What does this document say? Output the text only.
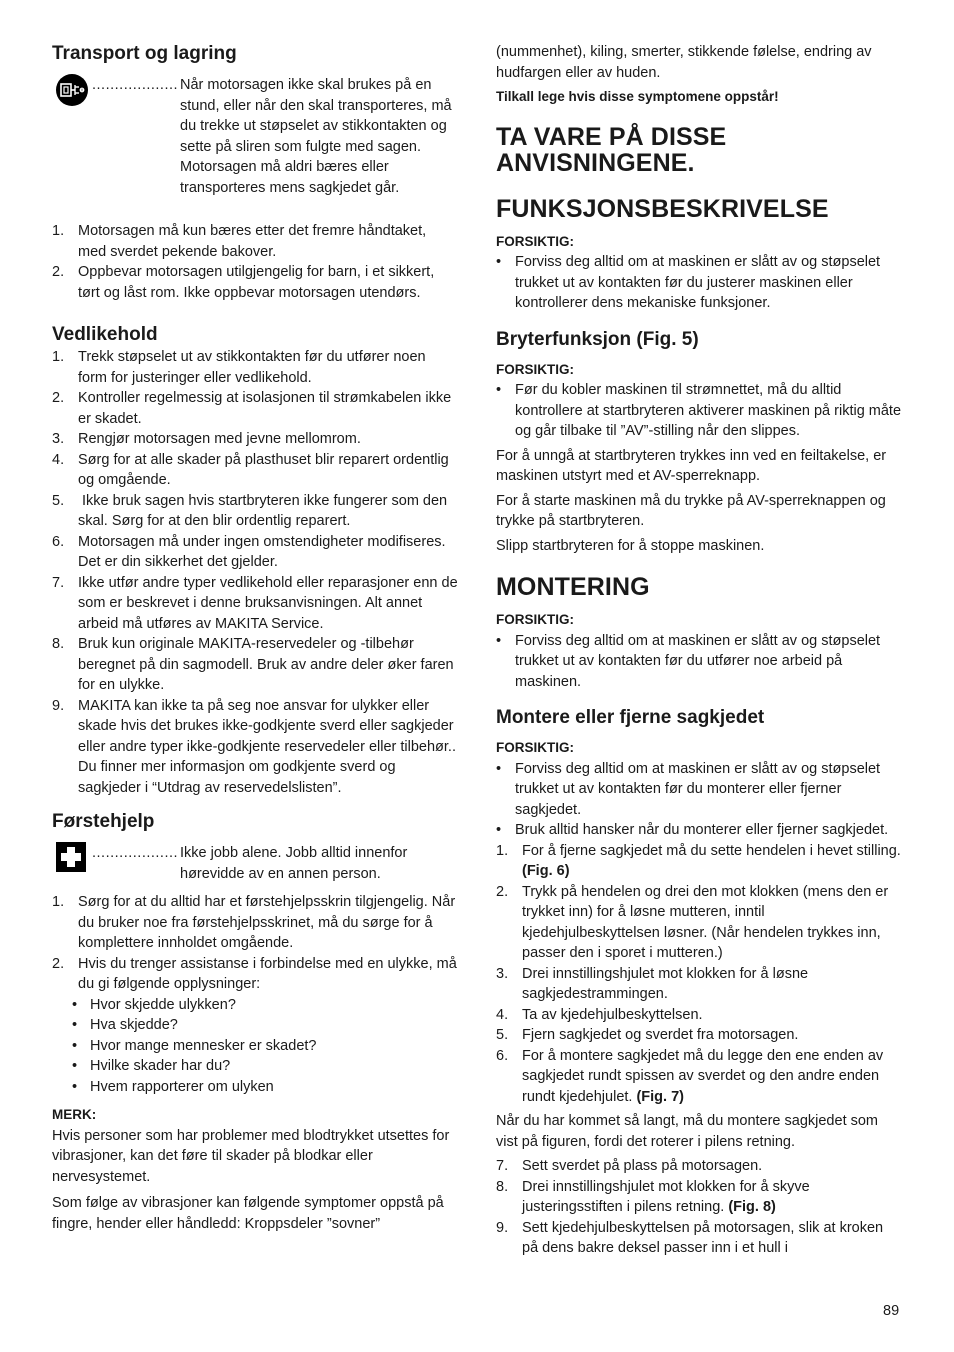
Transport og lagring
................... Når motorsagen ikke skal brukes på en stund, eller når den skal transporteres, må du trekke ut støpselet av stikkontakten og sette på sliren som fulgte med sagen. Motorsagen må aldri bæres eller transporteres mens sagkjedet går.
1. Motorsagen må kun bæres etter det fremre håndtaket, med sverdet pekende bakover.
2. Oppbevar motorsagen utilgjengelig for barn, i et sikkert, tørt og låst rom. Ikke oppbevar motorsagen utendørs.
Vedlikehold
1. Trekk støpselet ut av stikkontakten før du utfører noen form for justeringer eller vedlikehold.
2. Kontroller regelmessig at isolasjonen til strømkabelen ikke er skadet.
3. Rengjør motorsagen med jevne mellomrom.
4. Sørg for at alle skader på plasthuset blir reparert ordentlig og omgående.
5. Ikke bruk sagen hvis startbryteren ikke fungerer som den skal. Sørg for at den blir ordentlig reparert.
6. Motorsagen må under ingen omstendigheter modifiseres.  Det er din sikkerhet det gjelder.
7. Ikke utfør andre typer vedlikehold eller reparasjoner enn de som er beskrevet i denne bruksanvisningen. Alt annet arbeid må utføres av MAKITA Service.
8. Bruk kun originale MAKITA-reservedeler og -tilbehør beregnet på din sagmodell. Bruk av andre deler øker faren for en ulykke.
9. MAKITA kan ikke ta på seg noe ansvar for ulykker eller skade hvis det brukes ikke-godkjente sverd eller sagkjeder eller andre typer ikke-godkjente reservedeler eller tilbehør.. Du finner mer informasjon om godkjente sverd og sagkjeder i “Utdrag av reservedelslisten”.
Førstehjelp
................... Ikke jobb alene. Jobb alltid innenfor hørevidde av en annen person.
1. Sørg for at du alltid har et førstehjelpsskrin tilgjengelig. Når du bruker noe fra førstehjelpsskrinet, må du sørge for å komplettere innholdet omgående.
2. Hvis du trenger assistanse i forbindelse med en ulykke, må du gi følgende opplysninger:
• Hvor skjedde ulykken?
• Hva skjedde?
• Hvor mange mennesker er skadet?
• Hvilke skader har du?
• Hvem rapporterer om ulyken

MERK:

Hvis personer som har problemer med blodtrykket utsettes for vibrasjoner, kan det føre til skader på blodkar eller nervesystemet.

Som følge av vibrasjoner kan følgende symptomer oppstå på fingre, hender eller håndledd: Kroppsdeler ”sovner”

(nummenhet), kiling, smerter, stikkende følelse, endring av hudfargen eller av huden.

Tilkall lege hvis disse symptomene oppstår!

TA VARE PÅ DISSE ANVISNINGENE.
FUNKSJONSBESKRIVELSE

FORSIKTIG:

• Forviss deg alltid om at maskinen er slått av og støpselet trukket ut av kontakten før du justerer maskinen eller kontrollerer dens mekaniske funksjoner.
Bryterfunksjon (Fig. 5)

FORSIKTIG:

• Før du kobler maskinen til strømnettet, må du alltid kontrollere at startbryteren aktiverer maskinen på riktig måte og går tilbake til ”AV”-stilling når den slippes.

For å unngå at startbryteren trykkes inn ved en feiltakelse, er maskinen utstyrt med et AV-sperreknapp.

For å starte maskinen må du trykke på AV-sperreknappen og trykke på startbryteren.

Slipp startbryteren for å stoppe maskinen.

MONTERING

FORSIKTIG:

• Forviss deg alltid om at maskinen er slått av og støpselet trukket ut av kontakten før du utfører noe arbeid på maskinen.
Montere eller fjerne sagkjedet

FORSIKTIG:

• Forviss deg alltid om at maskinen er slått av og støpselet trukket ut av kontakten før du monterer eller fjerner sagkjedet.
• Bruk alltid hansker når du monterer eller fjerner sagkjedet.
1. For å fjerne sagkjedet må du sette hendelen i hevet stilling. (Fig. 6)
2. Trykk på hendelen og drei den mot klokken (mens den er trykket inn) for å løsne mutteren, inntil kjedehjulbeskyttelsen løsner. (Når hendelen trykkes inn, passer den i sporet i mutteren.)
3. Drei innstillingshjulet mot klokken for å løsne sagkjedestrammingen.
4. Ta av kjedehjulbeskyttelsen.
5. Fjern sagkjedet og sverdet fra motorsagen.
6. For å montere sagkjedet må du legge den ene enden av sagkjedet rundt spissen av sverdet og den andre enden rundt kjedehjulet. (Fig. 7)

Når du har kommet så langt, må du montere sagkjedet som vist på figuren, fordi det roterer i pilens retning.

7. Sett sverdet på plass på motorsagen.
8. Drei innstillingshjulet mot klokken for å skyve justeringsstiften i pilens retning. (Fig. 8)
9. Sett kjedehjulbeskyttelsen på motorsagen, slik at kroken på dens bakre deksel passer inn i et hull i
89
